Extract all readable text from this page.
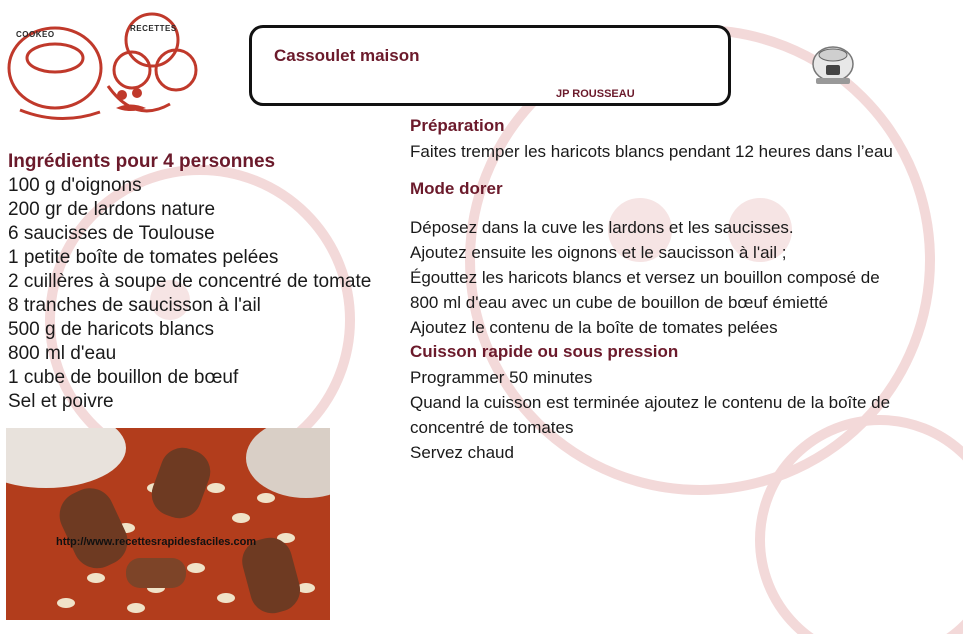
COOKEO
RECETTES
Cassoulet maison
JP ROUSSEAU
Ingrédients pour 4 personnes
100 g d'oignons
200 gr de lardons nature
6 saucisses de Toulouse
1 petite boîte de tomates pelées
2 cuillères à soupe de concentré de tomate
8 tranches de saucisson à l'ail
500 g de haricots blancs
800 ml d'eau
1 cube de bouillon de bœuf
Sel et poivre
Préparation
Faites tremper les haricots blancs pendant 12 heures dans l’eau
Mode dorer
Déposez dans la cuve les lardons et les saucisses.
Ajoutez ensuite les oignons et le saucisson à l'ail ;
Égouttez les haricots blancs et versez un bouillon composé de
800 ml d'eau avec un cube de bouillon de bœuf émietté
Ajoutez le contenu de la boîte de tomates pelées
Cuisson rapide ou sous pression
Programmer 50 minutes
Quand la cuisson est terminée ajoutez le contenu de la boîte de
concentré de tomates
Servez chaud
http://www.recettesrapidesfaciles.com
